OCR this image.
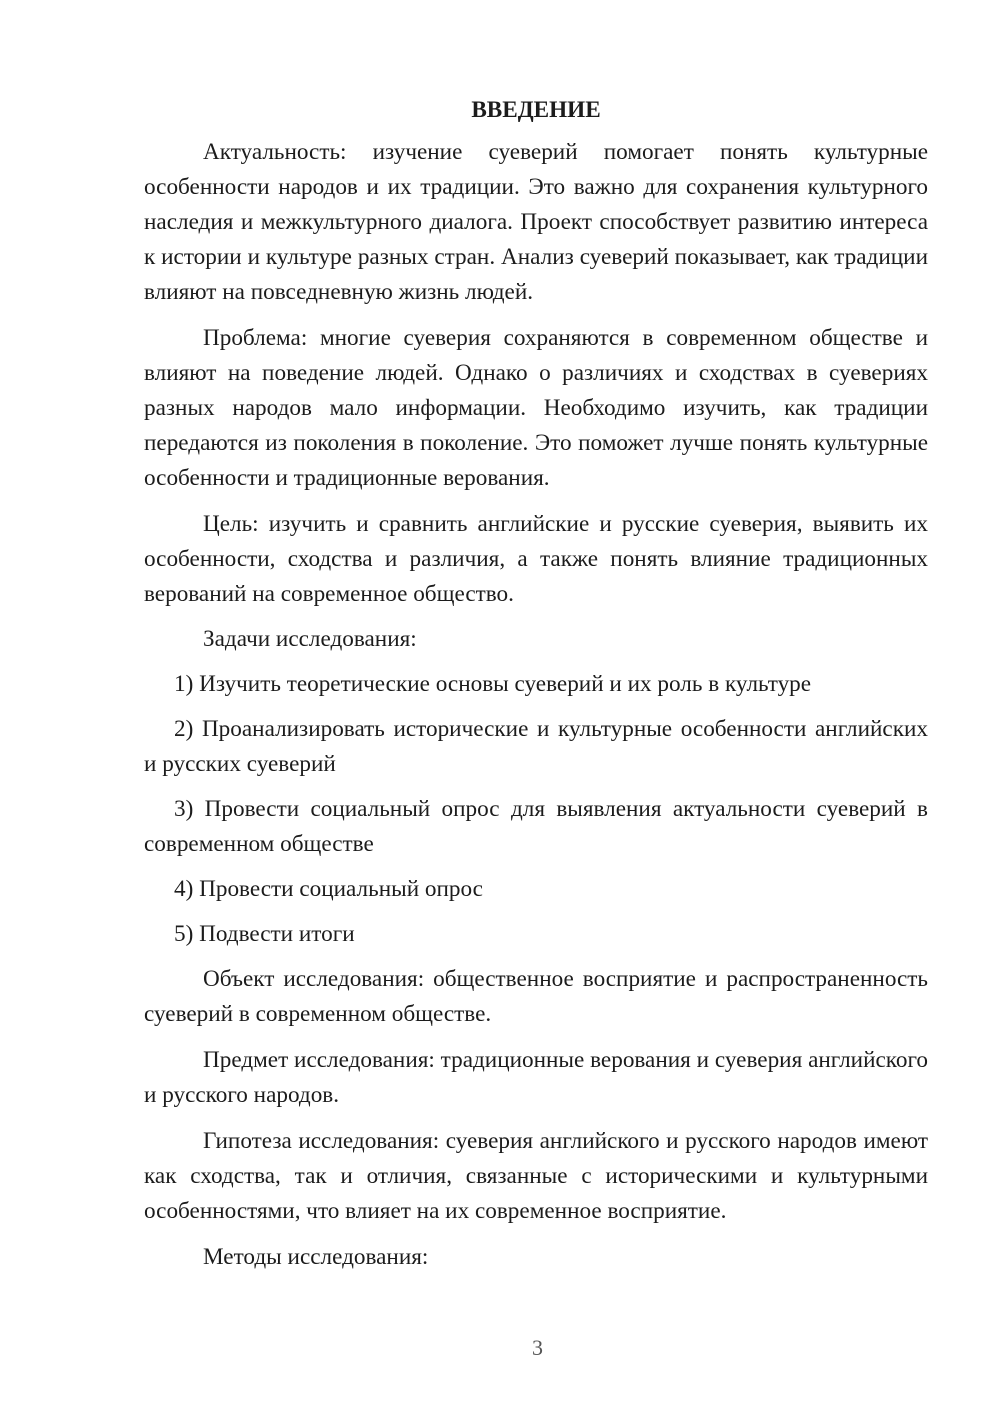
ВВЕДЕНИЕ

Актуальность: изучение суеверий помогает понять культурные особенности народов и их традиции. Это важно для сохранения культурного наследия и межкультурного диалога. Проект способствует развитию интереса к истории и культуре разных стран. Анализ суеверий показывает, как традиции влияют на повседневную жизнь людей.

Проблема: многие суеверия сохраняются в современном обществе и влияют на поведение людей. Однако о различиях и сходствах в суевериях разных народов мало информации. Необходимо изучить, как традиции передаются из поколения в поколение. Это поможет лучше понять культурные особенности и традиционные верования.

Цель: изучить и сравнить английские и русские суеверия, выявить их особенности, сходства и различия, а также понять влияние традиционных верований на современное общество.

Задачи исследования:

1) Изучить теоретические основы суеверий и их роль в культуре

2) Проанализировать исторические и культурные особенности английских и русских суеверий

3) Провести социальный опрос для выявления актуальности суеверий в современном обществе

4) Провести социальный опрос

5) Подвести итоги

Объект исследования: общественное восприятие и распространенность суеверий в современном обществе.

Предмет исследования: традиционные верования и суеверия английского и русского народов.

Гипотеза исследования: суеверия английского и русского народов имеют как сходства, так и отличия, связанные с историческими и культурными особенностями, что влияет на их современное восприятие.

Методы исследования:

3
